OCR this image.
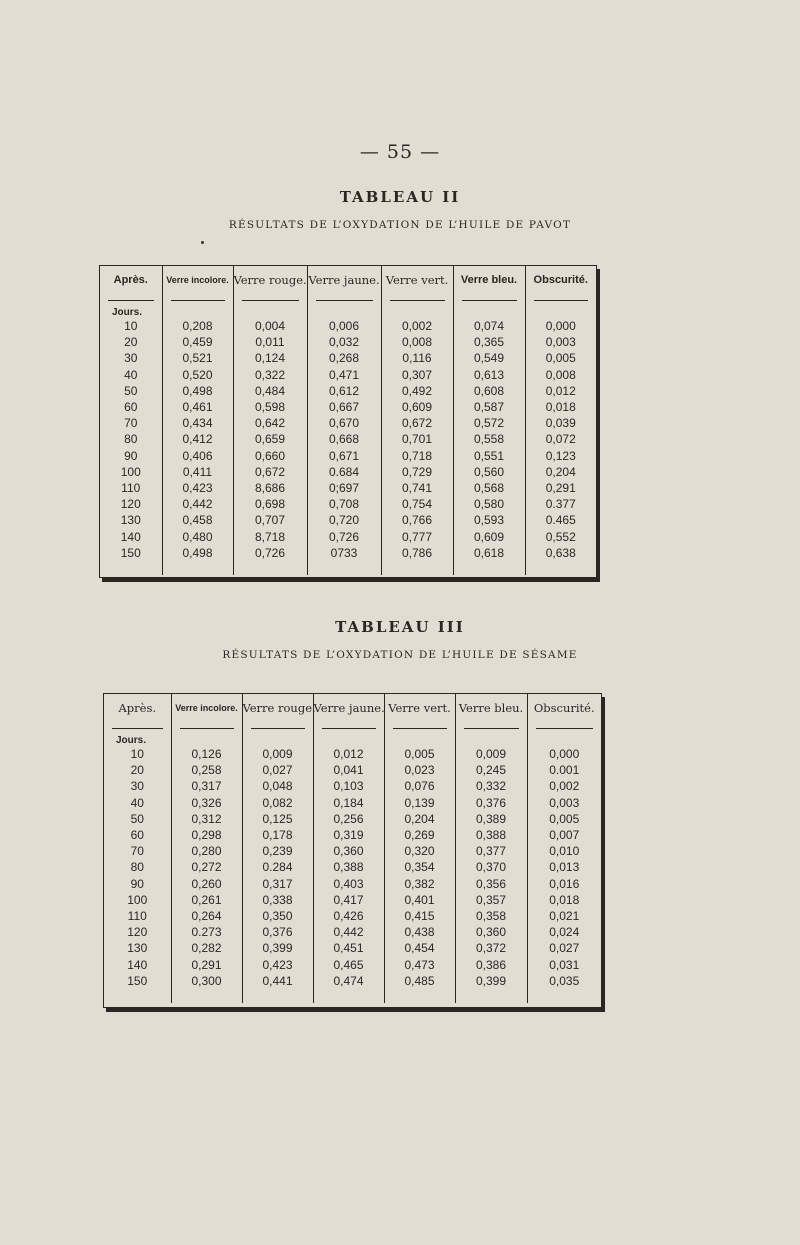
— 55 —
TABLEAU II
RÉSULTATS DE L’OXYDATION DE L’HUILE DE PAVOT
Après.	Verre incolore.	Verre rouge.	Verre jaune.	Verre vert.	Verre bleu.	Obscurité.

Jours.						
10	0,208	0,004	0,006	0,002	0,074	0,000
20	0,459	0,011	0,032	0,008	0,365	0,003
30	0,521	0,124	0,268	0,116	0,549	0,005
40	0,520	0,322	0,471	0,307	0,613	0,008
50	0,498	0,484	0,612	0,492	0,608	0,012
60	0,461	0,598	0,667	0,609	0,587	0,018
70	0,434	0,642	0,670	0,672	0,572	0,039
80	0,412	0,659	0,668	0,701	0,558	0,072
90	0,406	0,660	0,671	0,718	0,551	0,123
100	0,411	0,672	0.684	0,729	0,560	0,204
110	0,423	8,686	0;697	0,741	0,568	0,291
120	0,442	0,698	0,708	0,754	0,580	0.377
130	0,458	0,707	0,720	0,766	0,593	0.465
140	0,480	8,718	0,726	0,777	0,609	0,552
150	0,498	0,726	0733	0,786	0,618	0,638

TABLEAU III
RÉSULTATS DE L’OXYDATION DE L’HUILE DE SÉSAME
Après.	Verre incolore.	Verre rouge.	Verre jaune.	Verre vert.	Verre bleu.	Obscurité.

Jours.						
10	0,126	0,009	0,012	0,005	0,009	0,000
20	0,258	0,027	0,041	0,023	0,245	0.001
30	0,317	0,048	0,103	0,076	0,332	0,002
40	0,326	0,082	0,184	0,139	0,376	0,003
50	0,312	0,125	0,256	0,204	0,389	0,005
60	0,298	0,178	0,319	0,269	0,388	0,007
70	0,280	0,239	0,360	0,320	0,377	0,010
80	0,272	0.284	0,388	0,354	0,370	0,013
90	0,260	0,317	0,403	0,382	0,356	0,016
100	0,261	0,338	0,417	0,401	0,357	0,018
110	0,264	0,350	0,426	0,415	0,358	0,021
120	0.273	0,376	0,442	0,438	0,360	0,024
130	0,282	0,399	0,451	0,454	0,372	0,027
140	0,291	0,423	0,465	0,473	0,386	0,031
150	0,300	0,441	0,474	0,485	0,399	0,035
